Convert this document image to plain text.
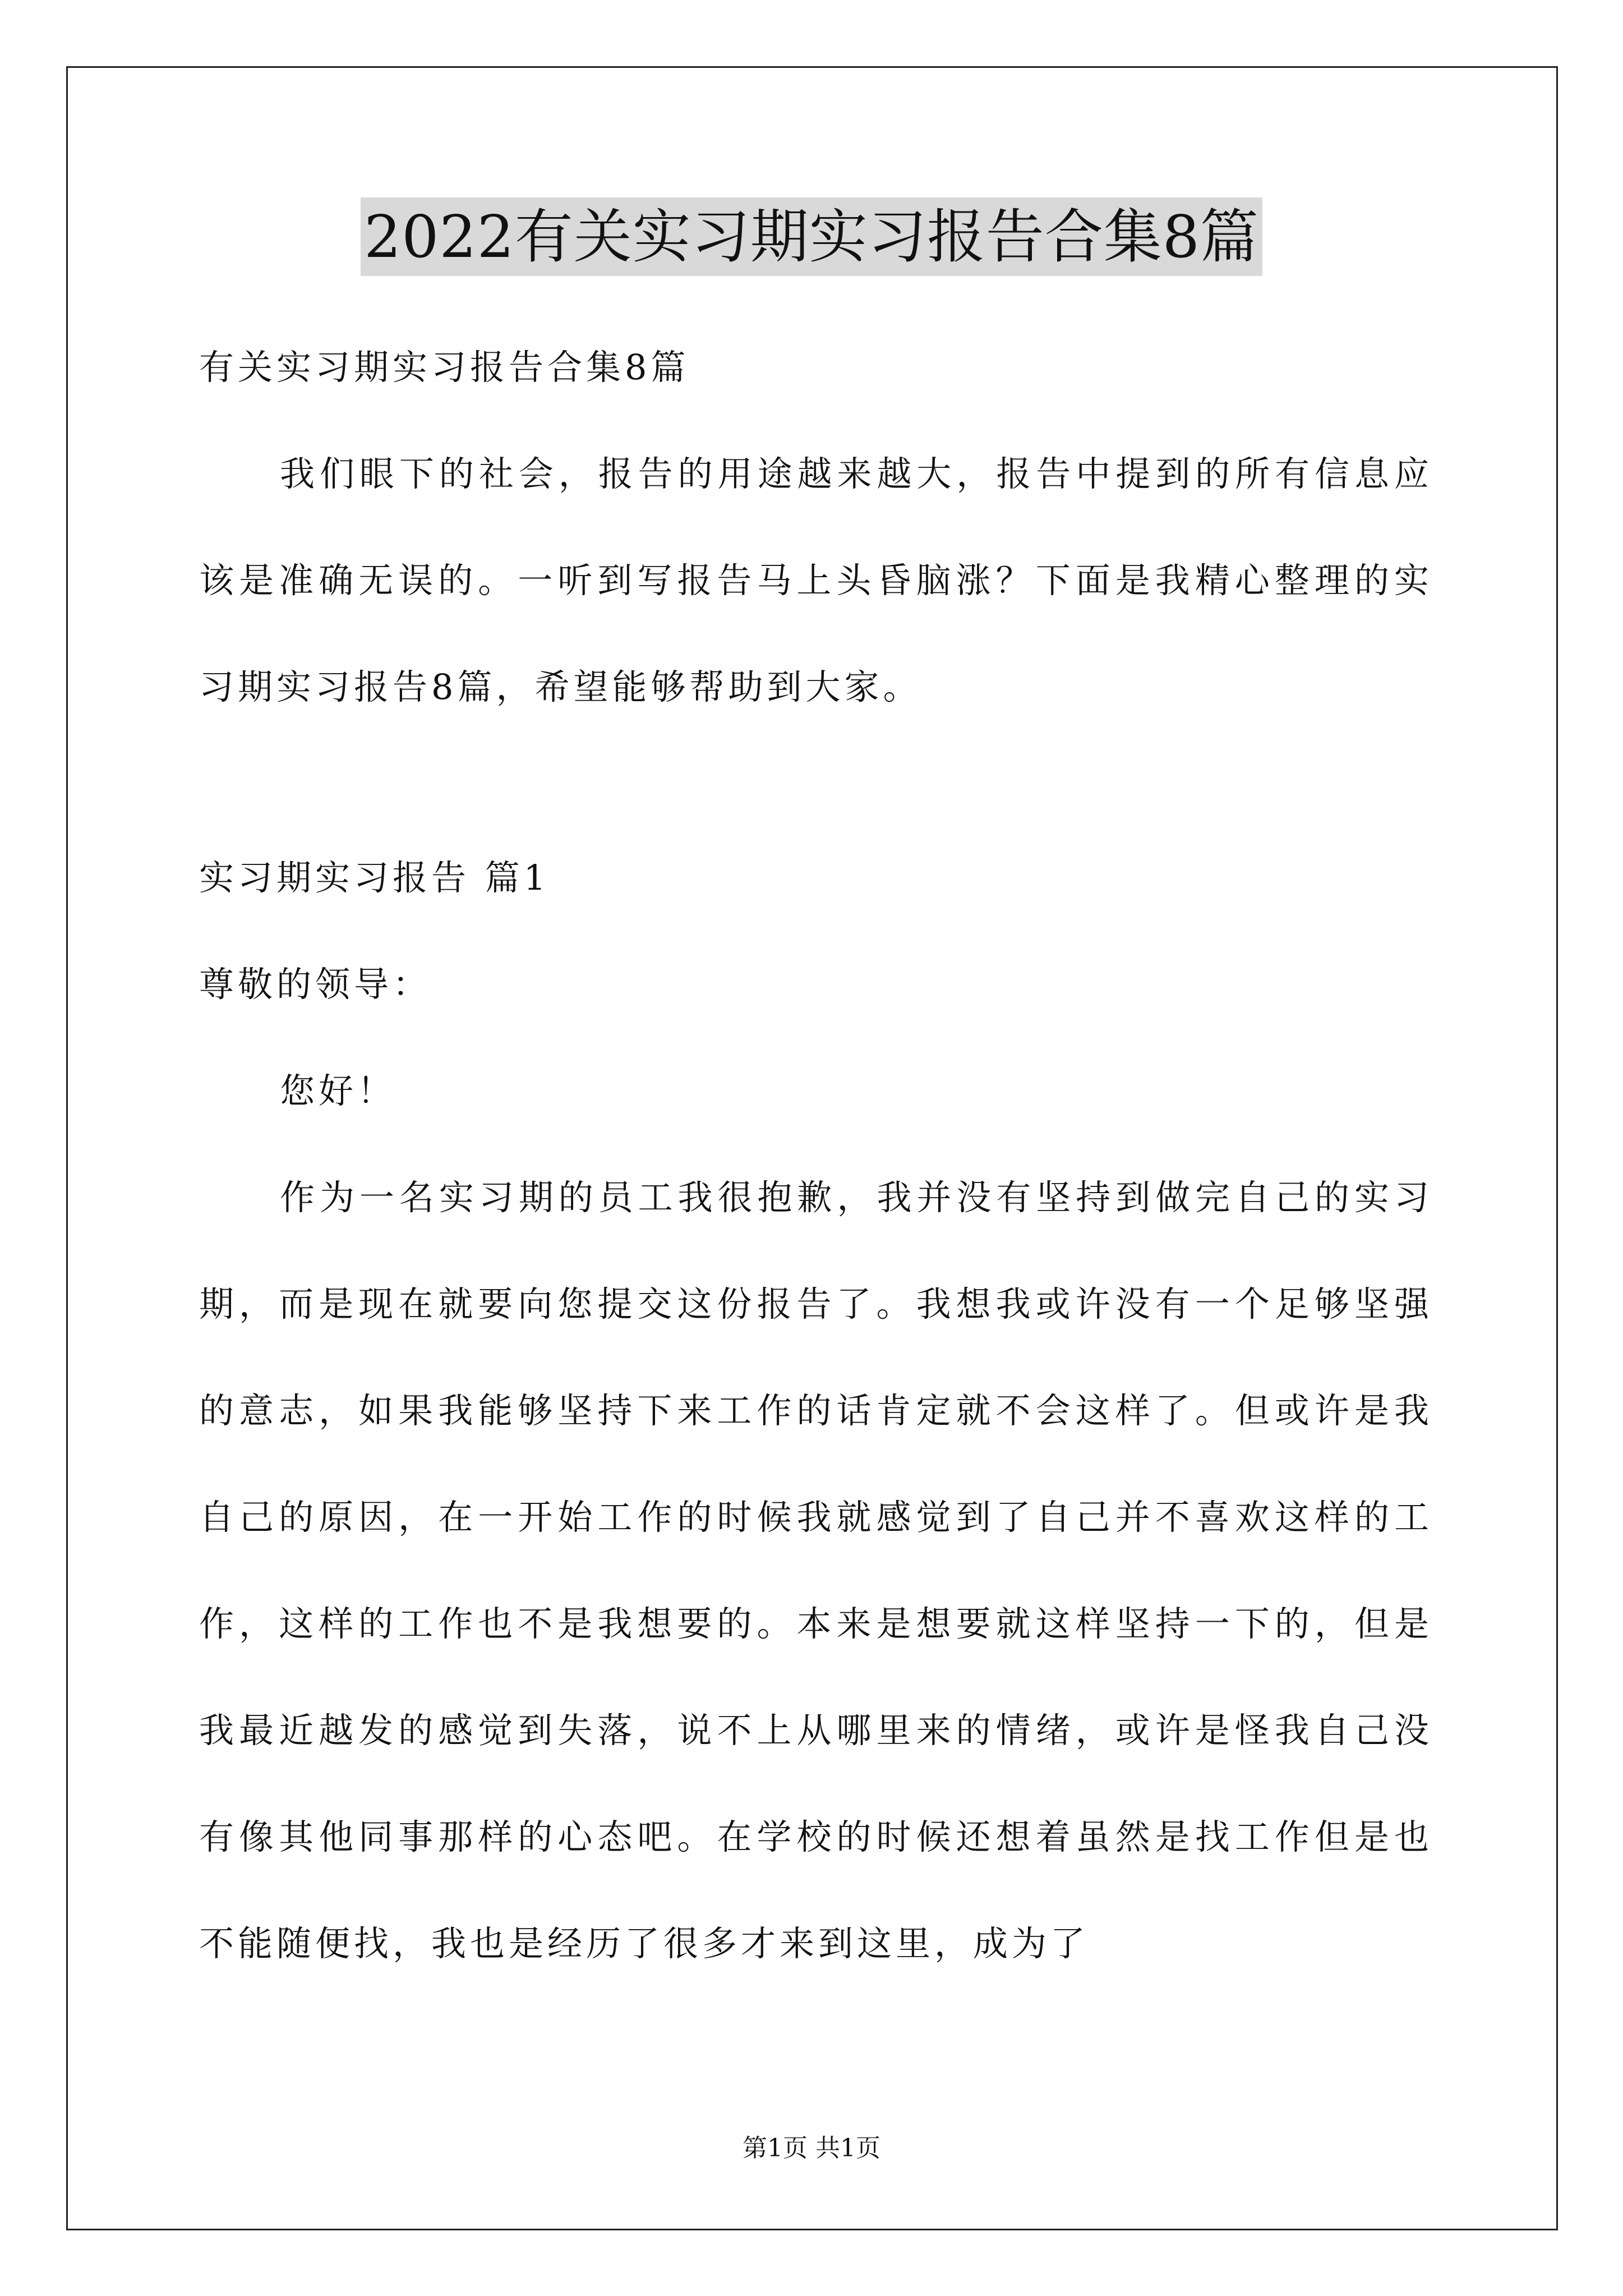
2022有关实习期实习报告合集8篇

有关实习期实习报告合集8篇

我们眼下的社会，报告的用途越来越大，报告中提到的所有信息应该是准确无误的。一听到写报告马上头昏脑涨？下面是我精心整理的实习期实习报告8篇，希望能够帮助到大家。

实习期实习报告 篇1

尊敬的领导：

您好！

作为一名实习期的员工我很抱歉，我并没有坚持到做完自己的实习期，而是现在就要向您提交这份报告了。我想我或许没有一个足够坚强的意志，如果我能够坚持下来工作的话肯定就不会这样了。但或许是我自己的原因，在一开始工作的时候我就感觉到了自己并不喜欢这样的工作，这样的工作也不是我想要的。本来是想要就这样坚持一下的，但是我最近越发的感觉到失落，说不上从哪里来的情绪，或许是怪我自己没有像其他同事那样的心态吧。在学校的时候还想着虽然是找工作但是也不能随便找，我也是经历了很多才来到这里，成为了

第1页 共1页
